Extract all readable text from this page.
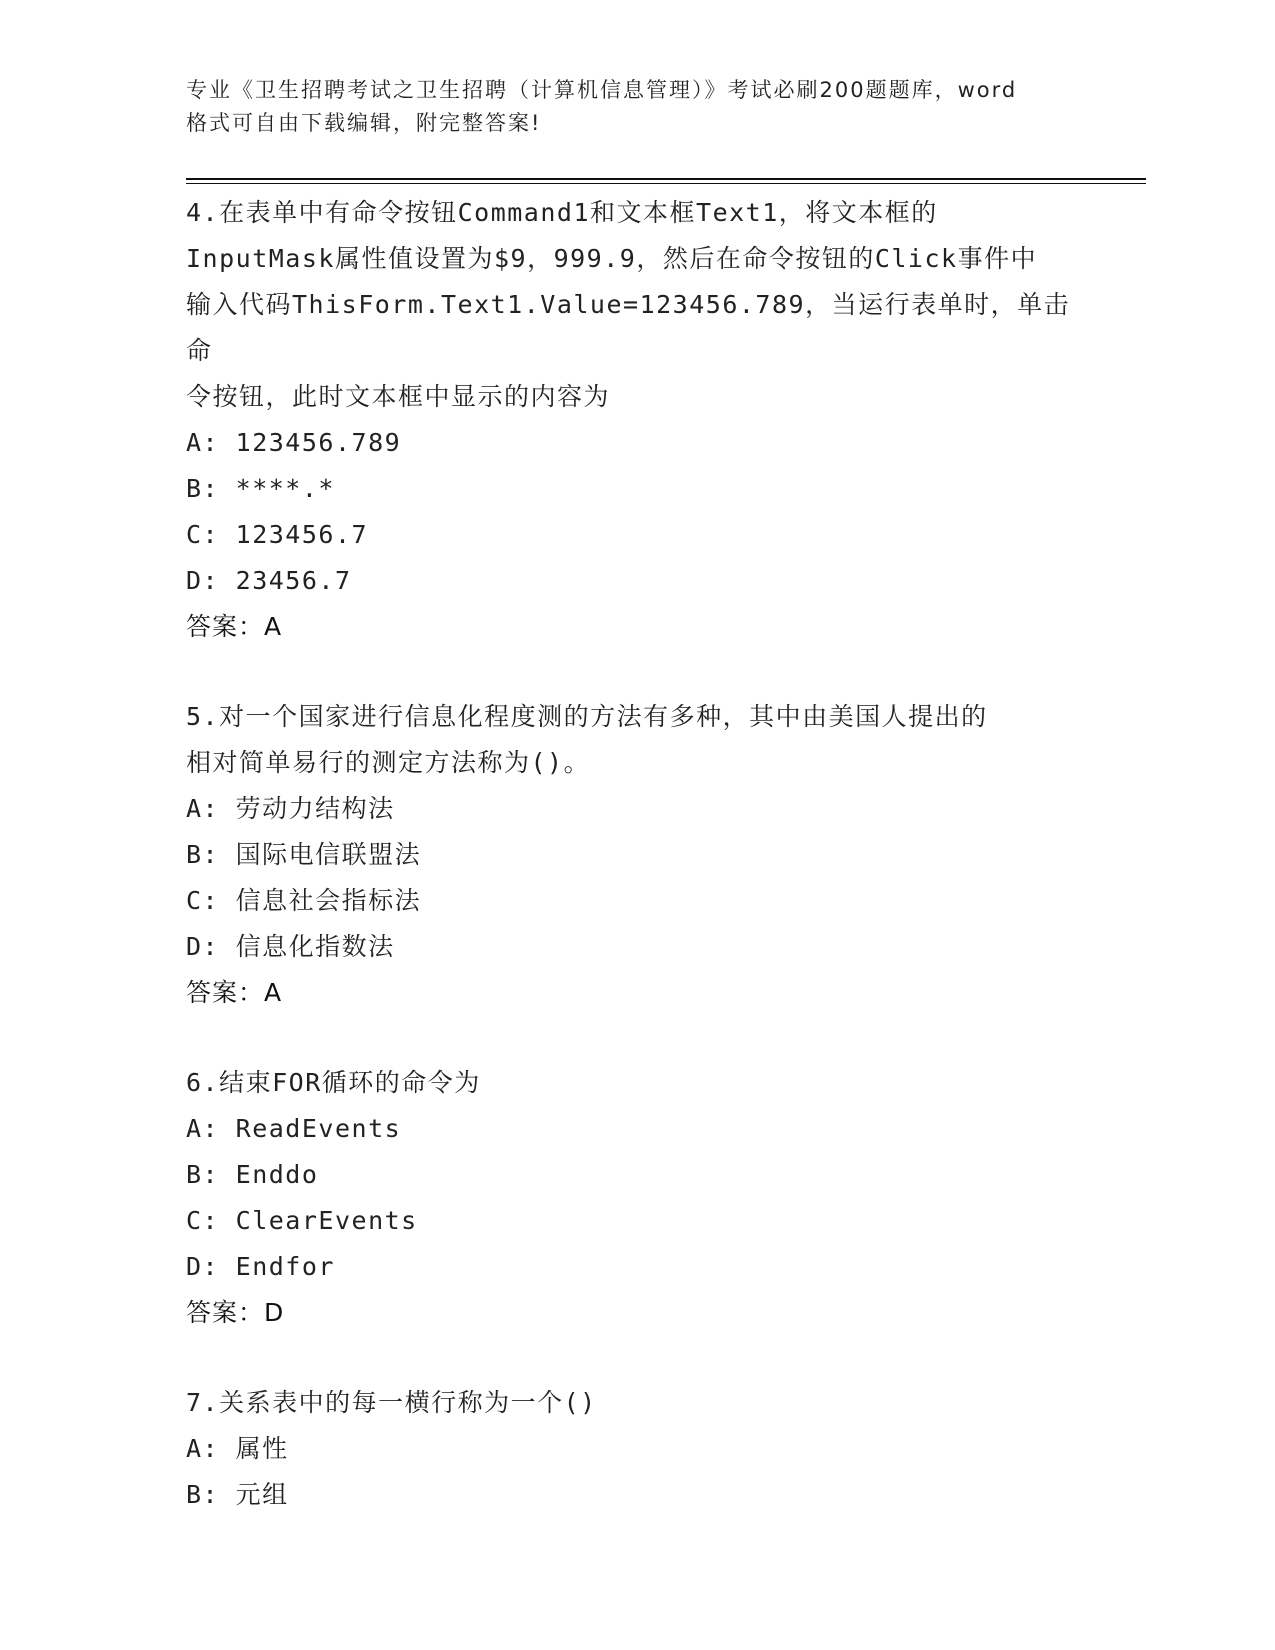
专业《卫生招聘考试之卫生招聘（计算机信息管理）》考试必刷200题题库，word
格式可自由下载编辑，附完整答案!
4.在表单中有命令按钮Command1和文本框Text1，将文本框的
InputMask属性值设置为$9，999.9，然后在命令按钮的Click事件中
输入代码ThisForm.Text1.Value=123456.789，当运行表单时，单击命
令按钮，此时文本框中显示的内容为
A: 123456.789
B: ****.*
C: 123456.7
D: 23456.7
答案：A
5.对一个国家进行信息化程度测的方法有多种，其中由美国人提出的
相对简单易行的测定方法称为()。
A: 劳动力结构法
B: 国际电信联盟法
C: 信息社会指标法
D: 信息化指数法
答案：A
6.结束FOR循环的命令为
A: ReadEvents
B: Enddo
C: ClearEvents
D: Endfor
答案：D
7.关系表中的每一横行称为一个()
A: 属性
B: 元组
